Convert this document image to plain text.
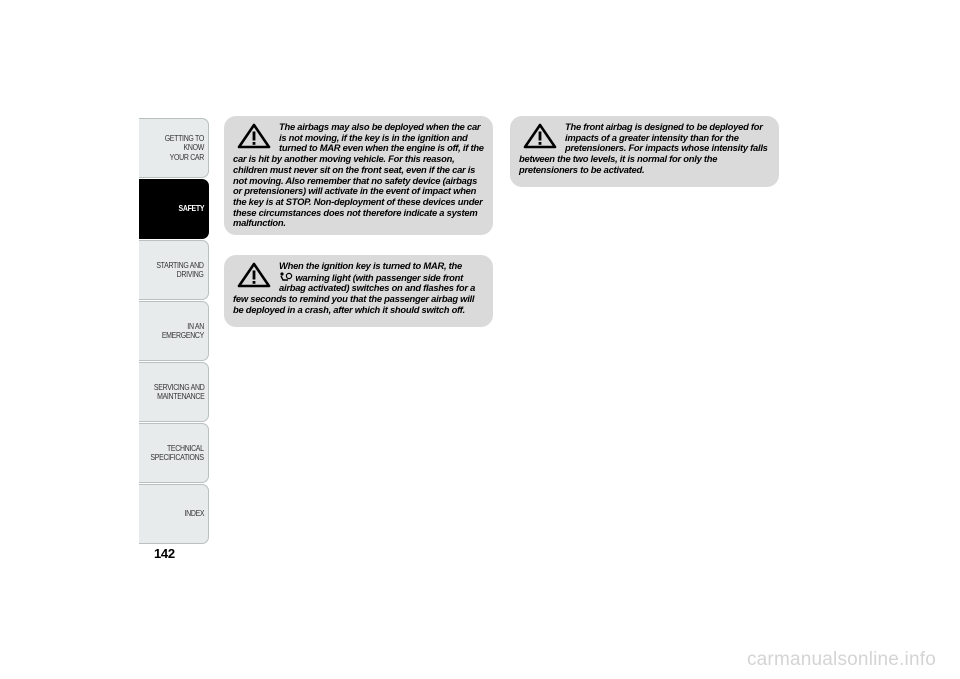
GETTING TO KNOW
YOUR CAR
SAFETY
STARTING AND
DRIVING
IN AN EMERGENCY
SERVICING AND
MAINTENANCE
TECHNICAL
SPECIFICATIONS
INDEX
142

The airbags may also be deployed when the car is not moving, if the key is in the ignition and turned to MAR even when the engine is off, if the car is hit by another moving vehicle. For this reason, children must never sit on the front seat, even if the car is not moving. Also remember that no safety device (airbags or pretensioners) will activate in the event of impact when the key is at STOP. Non-deployment of these devices under these circumstances does not therefore indicate a system malfunction.

When the ignition key is turned to MAR, the
warning light (with passenger side front airbag activated) switches on and flashes for a few seconds to remind you that the passenger airbag will be deployed in a crash, after which it should switch off.

The front airbag is designed to be deployed for impacts of a greater intensity than for the pretensioners. For impacts whose intensity falls between the two levels, it is normal for only the pretensioners to be activated.

carmanualsonline.info
